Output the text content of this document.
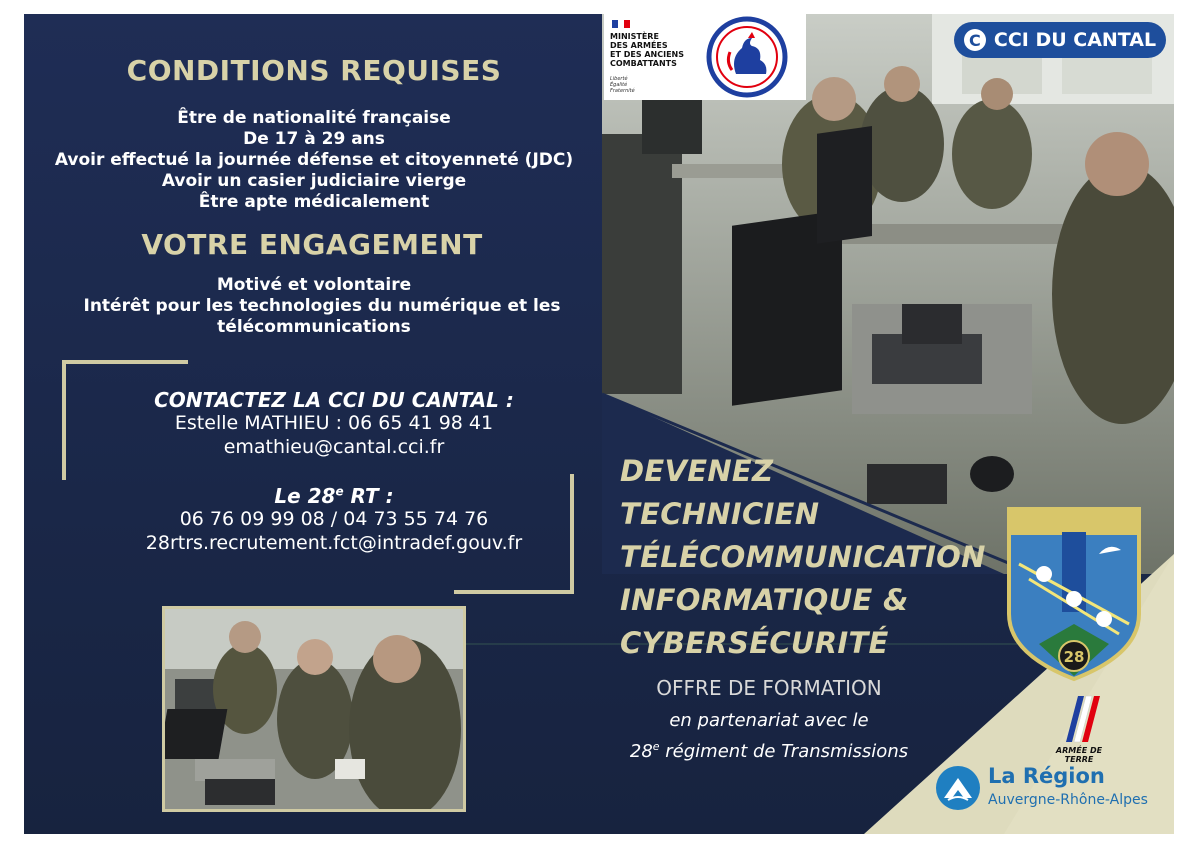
CONDITIONS REQUISES
Être de nationalité française
De 17 à 29 ans
Avoir effectué la journée défense et citoyenneté (JDC)
Avoir un casier judiciaire vierge
Être apte médicalement
VOTRE ENGAGEMENT
Motivé et volontaire
Intérêt pour les technologies du numérique et les
télécommunications
CONTACTEZ LA CCI DU CANTAL :
Estelle MATHIEU : 06 65 41 98 41
emathieu@cantal.cci.fr
Le 28e RT :
06 76 09 99 08 / 04 73 55 74 76
28rtrs.recrutement.fct@intradef.gouv.fr
DEVENEZ
TECHNICIEN
TÉLÉCOMMUNICATION
INFORMATIQUE &
CYBERSÉCURITÉ
OFFRE DE FORMATION
en partenariat avec le
28e régiment de Transmissions
28
C CCI DU CANTAL
MINISTÈRE
DES ARMÉES
ET DES ANCIENS
COMBATTANTS
Liberté
Égalité
Fraternité
ARMÉE DE TERRE
La Région
Auvergne-Rhône-Alpes
